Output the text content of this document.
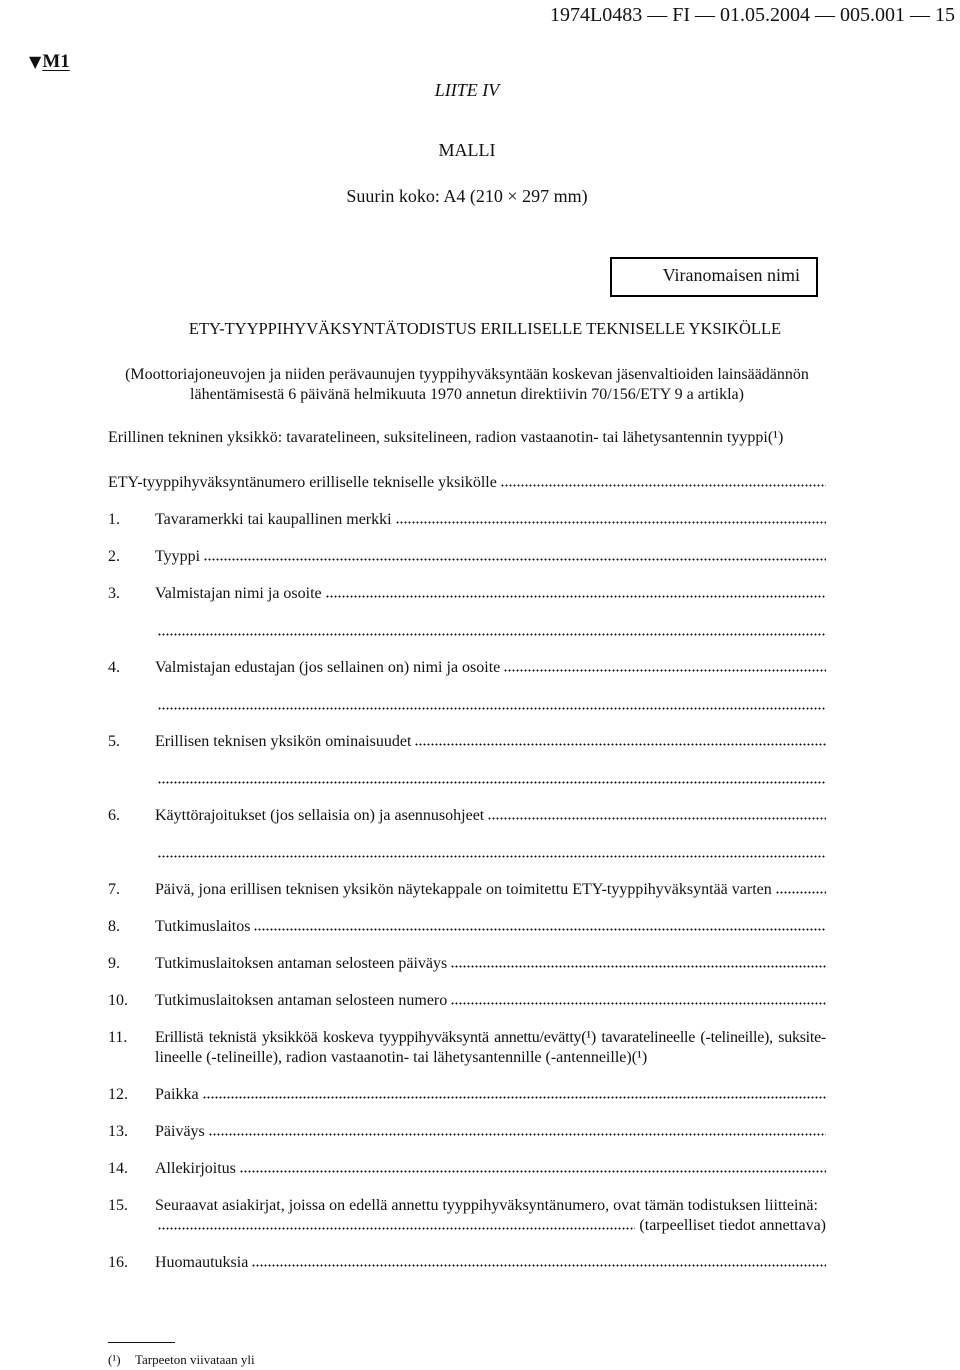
1974L0483 — FI — 01.05.2004 — 005.001 — 15
▼M1
LIITE IV
MALLI
Suurin koko: A4 (210 × 297 mm)
Viranomaisen nimi
ETY-TYYPPIHYVÄKSYNTÄTODISTUS ERILLISELLE TEKNISELLE YKSIKÖLLE
(Moottoriajoneuvojen ja niiden perävaunujen tyyppihyväksyntään koskevan jäsenvaltioiden lainsäädännön
lähentämisestä 6 päivänä helmikuuta 1970 annetun direktiivin 70/156/ETY 9 a artikla)
Erillinen tekninen yksikkö: tavaratelineen, suksitelineen, radion vastaanotin- tai lähetysantennin tyyppi(¹)
ETY-tyyppihyväksyntänumero erilliselle tekniselle yksikölle
1.	Tavaramerkki tai kaupallinen merkki
2.	Tyyppi
3.	Valmistajan nimi ja osoite
4.	Valmistajan edustajan (jos sellainen on) nimi ja osoite
5.	Erillisen teknisen yksikön ominaisuudet
6.	Käyttörajoitukset (jos sellaisia on) ja asennusohjeet
7.	Päivä, jona erillisen teknisen yksikön näytekappale on toimitettu ETY-tyyppihyväksyntää varten
8.	Tutkimuslaitos
9.	Tutkimuslaitoksen antaman selosteen päiväys
10.	Tutkimuslaitoksen antaman selosteen numero
11.	Erillistä teknistä yksikköä koskeva tyyppihyväksyntä annettu/evätty(¹) tavaratelineelle (-telineille), suksite-
lineelle (-telineille), radion vastaanotin- tai lähetysantennille (-antenneille)(¹)
12.	Paikka
13.	Päiväys
14.	Allekirjoitus
15.	Seuraavat asiakirjat, joissa on edellä annettu tyyppihyväksyntänumero, ovat tämän todistuksen liitteinä:
(tarpeelliset tiedot annettava)
16.	Huomautuksia
(¹) Tarpeeton viivataan yli
